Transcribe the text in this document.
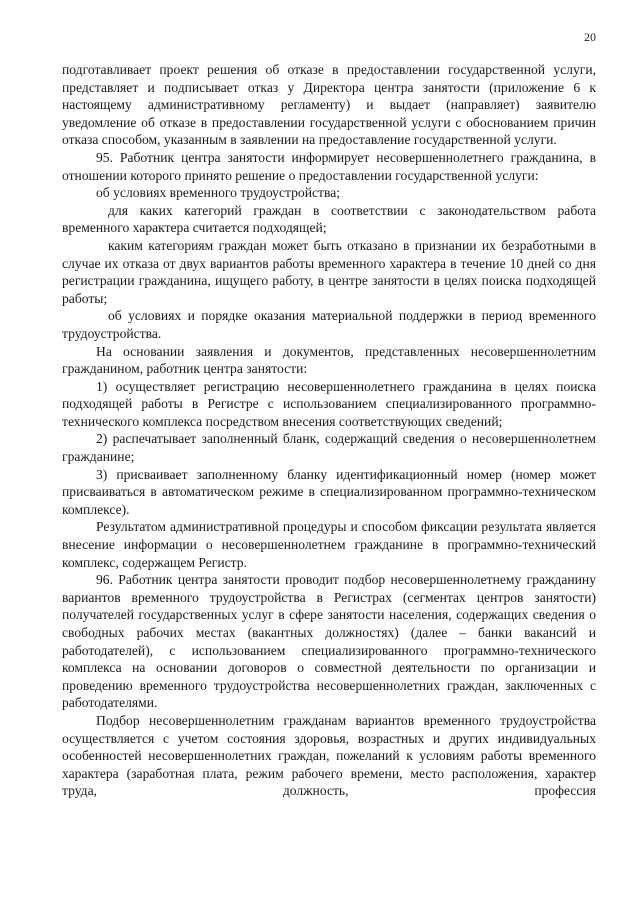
20

подготавливает проект решения об отказе в предоставлении государственной услуги, представляет и подписывает отказ у Директора центра занятости (приложение 6 к настоящему административному регламенту) и выдает (направляет) заявителю уведомление об отказе в предоставлении государственной услуги с обоснованием причин отказа способом, указанным в заявлении на предоставление государственной услуги.

95. Работник центра занятости информирует несовершеннолетнего гражданина, в отношении которого принято решение о предоставлении государственной услуги:

об условиях временного трудоустройства;

для каких категорий граждан в соответствии с законодательством работа временного характера считается подходящей;

каким категориям граждан может быть отказано в признании их безработными в случае их отказа от двух вариантов работы временного характера в течение 10 дней со дня регистрации гражданина, ищущего работу, в центре занятости в целях поиска подходящей работы;

об условиях и порядке оказания материальной поддержки в период временного трудоустройства.

На основании заявления и документов, представленных несовершеннолетним гражданином, работник центра занятости:

1) осуществляет регистрацию несовершеннолетнего гражданина в целях поиска подходящей работы в Регистре с использованием специализированного программно-технического комплекса посредством внесения соответствующих сведений;

2) распечатывает заполненный бланк, содержащий сведения о несовершеннолетнем гражданине;

3) присваивает заполненному бланку идентификационный номер (номер может присваиваться в автоматическом режиме в специализированном программно-техническом комплексе).

Результатом административной процедуры и способом фиксации результата является внесение информации о несовершеннолетнем гражданине в программно-технический комплекс, содержащем Регистр.

96. Работник центра занятости проводит подбор несовершеннолетнему гражданину вариантов временного трудоустройства в Регистрах (сегментах центров занятости) получателей государственных услуг в сфере занятости населения, содержащих сведения о свободных рабочих местах (вакантных должностях) (далее – банки вакансий и работодателей), с использованием специализированного программно-технического комплекса на основании договоров о совместной деятельности по организации и проведению временного трудоустройства несовершеннолетних граждан, заключенных с работодателями.

Подбор несовершеннолетним гражданам вариантов временного трудоустройства осуществляется с учетом состояния здоровья, возрастных и других индивидуальных особенностей несовершеннолетних граждан, пожеланий к условиям работы временного характера (заработная плата, режим рабочего времени, место расположения, характер труда, должность, профессия
